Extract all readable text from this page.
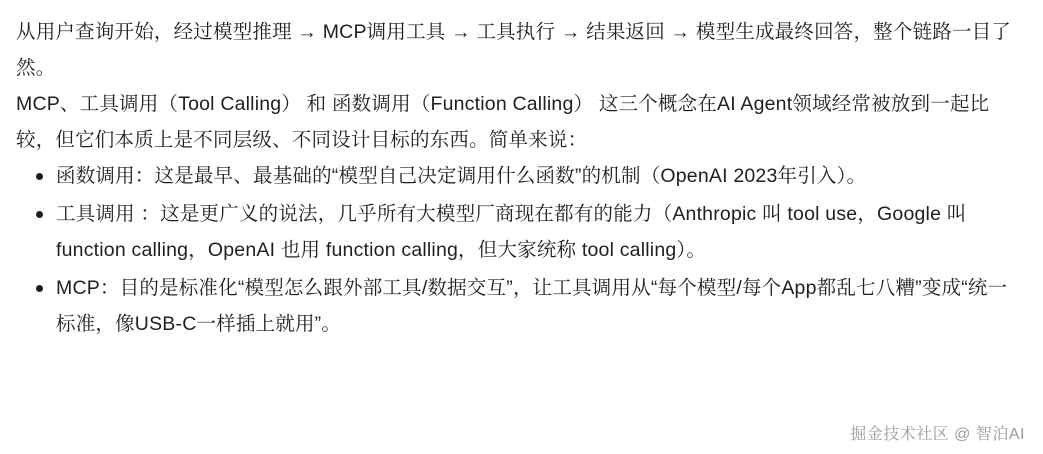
从用户查询开始，经过模型推理 → MCP调用工具 → 工具执行 → 结果返回 → 模型生成最终回答，整个链路一目了然。

MCP、工具调用（Tool Calling） 和 函数调用（Function Calling） 这三个概念在AI Agent领域经常被放到一起比较，但它们本质上是不同层级、不同设计目标的东西。简单来说：

函数调用：这是最早、最基础的“模型自己决定调用什么函数”的机制（OpenAI 2023年引入）。
工具调用 ：这是更广义的说法，几乎所有大模型厂商现在都有的能力（Anthropic 叫 tool use，Google 叫 function calling，OpenAI 也用 function calling，但大家统称 tool calling）。
MCP：目的是标准化“模型怎么跟外部工具/数据交互”，让工具调用从“每个模型/每个App都乱七八糟”变成“统一标准，像USB-C一样插上就用”。
掘金技术社区 @ 智泊AI
